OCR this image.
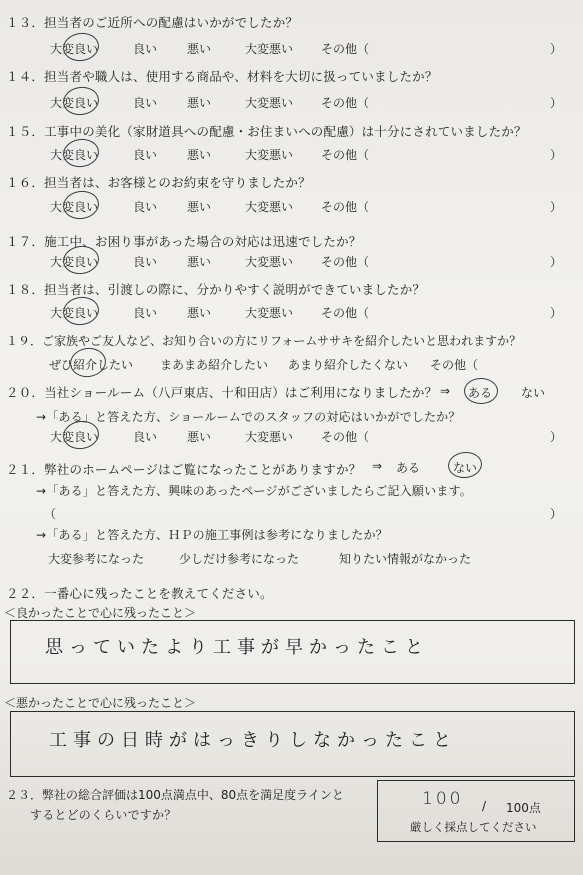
１３．担当者のご近所への配慮はいかがでしたか？
大変良い	良い 悪い	大変悪い その他（	）
１４．担当者や職人は、使用する商品や、材料を大切に扱っていましたか？
大変良い	良い 悪い	大変悪い その他（	）
１５．工事中の美化（家財道具への配慮・お住まいへの配慮）は十分にされていましたか？
大変良い	良い 悪い	大変悪い その他（	）
１６．担当者は、お客様とのお約束を守りましたか？
大変良い	良い 悪い	大変悪い その他（	）
１７．施工中、お困り事があった場合の対応は迅速でしたか？
大変良い	良い 悪い	大変悪い その他（	）
１８．担当者は、引渡しの際に、分かりやすく説明ができていましたか？
大変良い	良い 悪い	大変悪い その他（	）
１９．ご家族やご友人など、お知り合いの方にリフォームササキを紹介したいと思われますか？
ぜひ紹介したい まあまあ紹介したい あまり紹介したくない その他（
２０．当社ショールーム（八戸東店、十和田店）はご利用になりましたか？ ⇒ ある ない
→「ある」と答えた方、ショールームでのスタッフの対応はいかがでしたか？
大変良い	良い 悪い	大変悪い その他（	）
２１．弊社のホームページはご覧になったことがありますか？ ⇒ ある	ない
→「ある」と答えた方、興味のあったページがございましたらご記入願います。
（	）
→「ある」と答えた方、ＨＰの施工事例は参考になりましたか？
大変参考になった	少しだけ参考になった	知りたい情報がなかった
２２．一番心に残ったことを教えてください。
＜良かったことで心に残ったこと＞
思っていたより工事が早かったこと
＜悪かったことで心に残ったこと＞
工事の日時がはっきりしなかったこと
２３．弊社の総合評価は100点満点中、80点を満足度ラインと
するとどのくらいですか？
100 / 100点
厳しく採点してください
